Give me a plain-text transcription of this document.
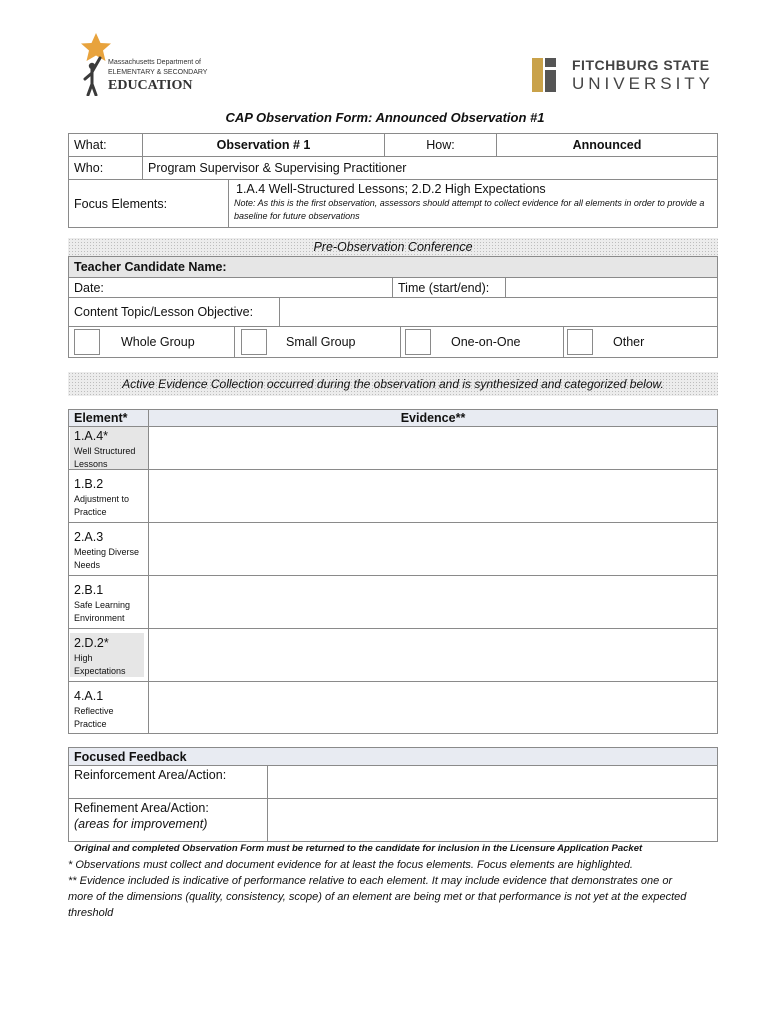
Massachusetts Department of
ELEMENTARY & SECONDARY
EDUCATION
FITCHBURG STATE
UNIVERSITY
CAP Observation Form: Announced Observation #1
What:	Observation # 1	How:	Announced
Who:	Program Supervisor & Supervising Practitioner
Focus Elements:
1.A.4 Well-Structured Lessons; 2.D.2 High Expectations
Note: As this is the first observation, assessors should attempt to collect evidence for all elements in order to provide a baseline for future observations
Pre-Observation Conference
Teacher Candidate Name:
Date:	Time (start/end):
Content Topic/Lesson Objective:
Whole Group	Small Group	One-on-One	Other
Active Evidence Collection occurred during the observation and is synthesized and categorized below.
Element*	Evidence**
1.A.4*
Well Structured Lessons
1.B.2
Adjustment to Practice
2.A.3
Meeting Diverse Needs
2.B.1
Safe Learning Environment
2.D.2*
High Expectations
4.A.1
Reflective Practice
Focused Feedback
Reinforcement Area/Action:
Refinement Area/Action:
(areas for improvement)
Original and completed Observation Form must be returned to the candidate for inclusion in the Licensure Application Packet
* Observations must collect and document evidence for at least the focus elements. Focus elements are highlighted.
** Evidence included is indicative of performance relative to each element. It may include evidence that demonstrates one or more of the dimensions (quality, consistency, scope) of an element are being met or that performance is not yet at the expected threshold
